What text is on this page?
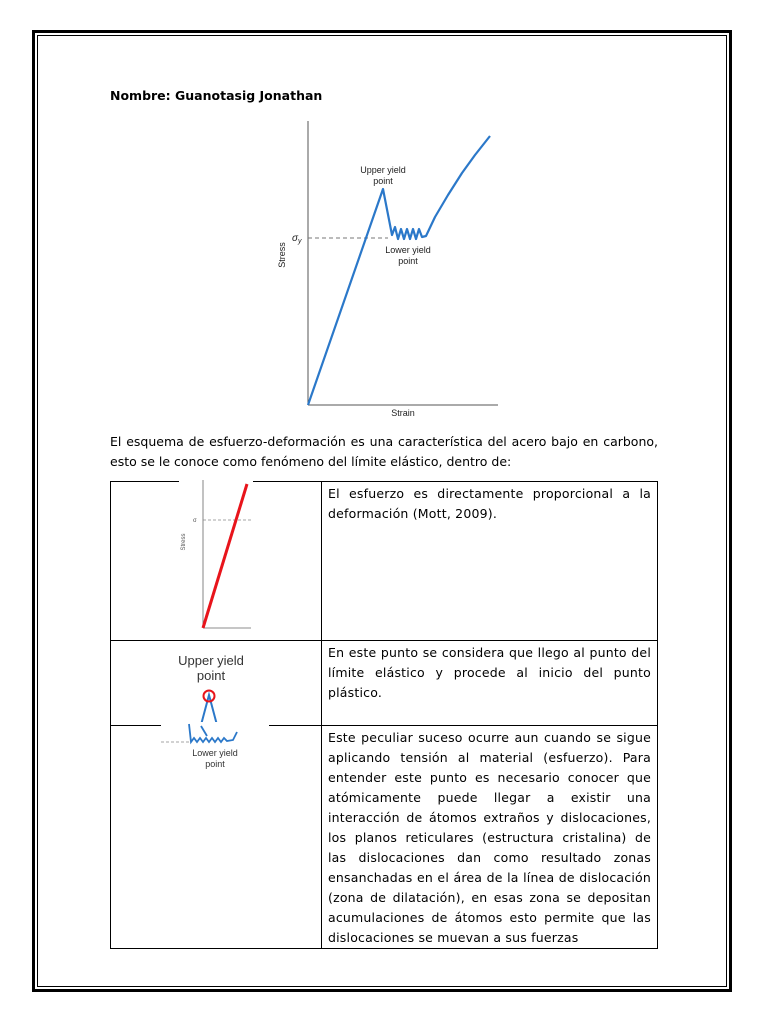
Nombre: Guanotasig Jonathan
Upper yield
point
Lower yield
point
$\sigma_y$
Strain
Stress
El esquema de esfuerzo-deformación es una característica del acero bajo en carbono, esto se le conoce como fenómeno del límite elástico, dentro de:
σ
Stress	El esfuerzo es directamente proporcional a la deformación (Mott, 2009).

Upper yield
point	En este punto se considera que llego al punto del límite elástico y procede al inicio del punto plástico.

Lower yield
point	Este peculiar suceso ocurre aun cuando se sigue aplicando tensión al material (esfuerzo). Para entender este punto es necesario conocer que atómicamente puede llegar a existir una interacción de átomos extraños y dislocaciones, los planos reticulares (estructura cristalina) de las dislocaciones dan como resultado zonas ensanchadas en el área de la línea de dislocación (zona de dilatación), en esas zona se depositan acumulaciones de átomos esto permite que las dislocaciones se muevan a sus fuerzas
